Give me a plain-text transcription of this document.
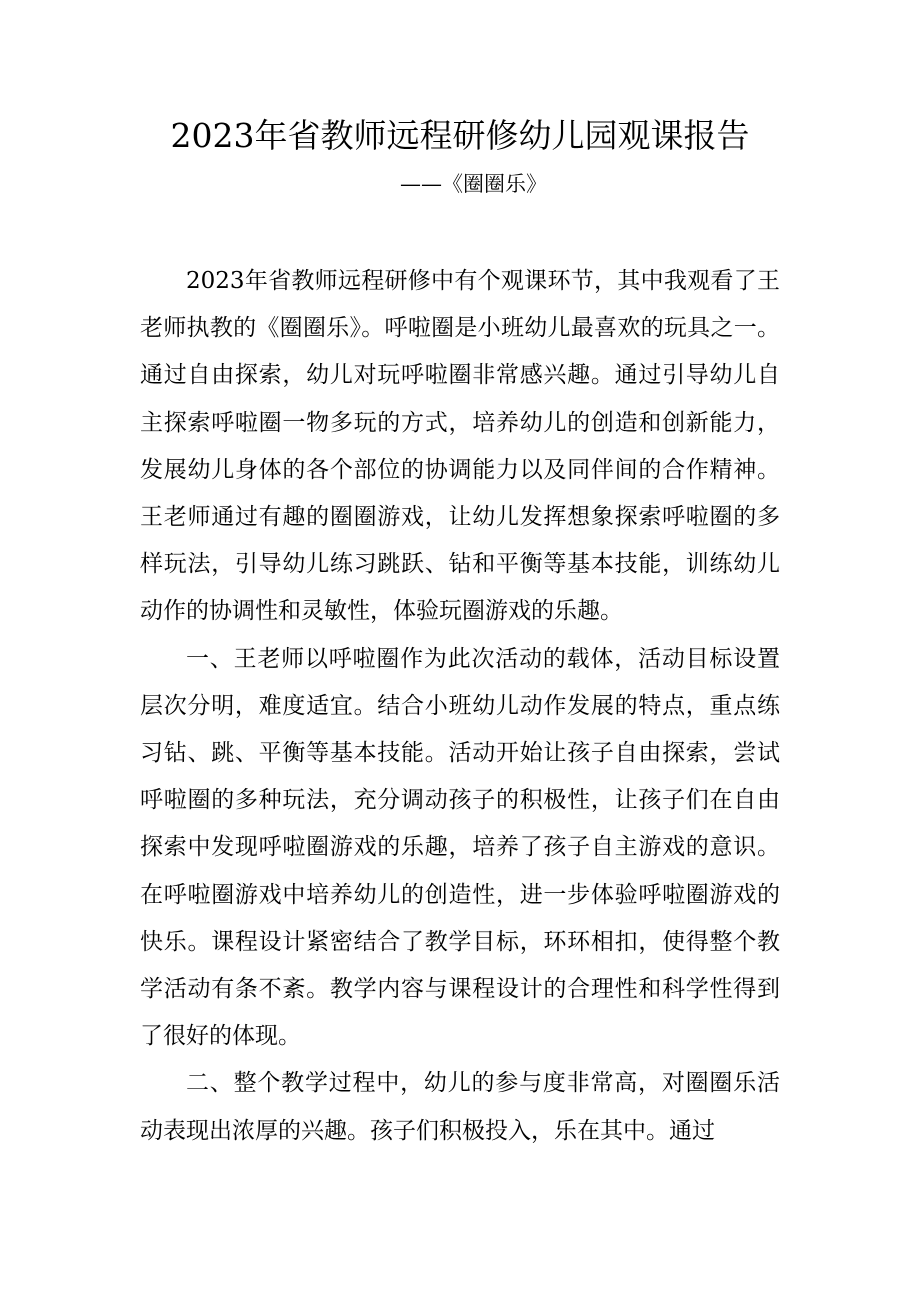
2023年省教师远程研修幼儿园观课报告
——《圈圈乐》

2023年省教师远程研修中有个观课环节，其中我观看了王老师执教的《圈圈乐》。呼啦圈是小班幼儿最喜欢的玩具之一。通过自由探索，幼儿对玩呼啦圈非常感兴趣。通过引导幼儿自主探索呼啦圈一物多玩的方式，培养幼儿的创造和创新能力，发展幼儿身体的各个部位的协调能力以及同伴间的合作精神。王老师通过有趣的圈圈游戏，让幼儿发挥想象探索呼啦圈的多样玩法，引导幼儿练习跳跃、钻和平衡等基本技能，训练幼儿动作的协调性和灵敏性，体验玩圈游戏的乐趣。

一、王老师以呼啦圈作为此次活动的载体，活动目标设置层次分明，难度适宜。结合小班幼儿动作发展的特点，重点练习钻、跳、平衡等基本技能。活动开始让孩子自由探索，尝试呼啦圈的多种玩法，充分调动孩子的积极性，让孩子们在自由探索中发现呼啦圈游戏的乐趣，培养了孩子自主游戏的意识。在呼啦圈游戏中培养幼儿的创造性，进一步体验呼啦圈游戏的快乐。课程设计紧密结合了教学目标，环环相扣，使得整个教学活动有条不紊。教学内容与课程设计的合理性和科学性得到了很好的体现。

二、整个教学过程中，幼儿的参与度非常高，对圈圈乐活动表现出浓厚的兴趣。孩子们积极投入，乐在其中。通过
